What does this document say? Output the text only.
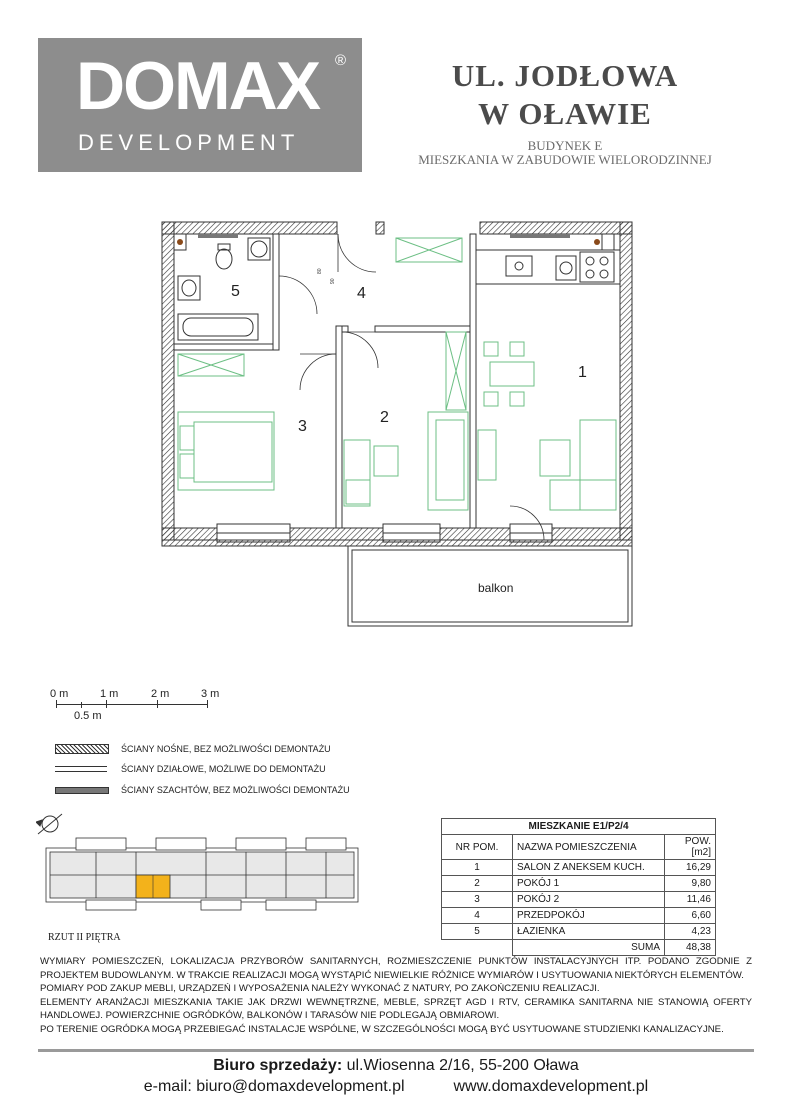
DOMAX ®
DEVELOPMENT
UL. JODŁOWA
W OŁAWIE
BUDYNEK E
MIESZKANIA W ZABUDOWIE WIELORODZINNEJ
1
2
3
4
5
balkon
90
80
0 m	1 m	2 m	3 m
0.5 m
ŚCIANY NOŚNE, BEZ MOŻLIWOŚCI DEMONTAŻU
ŚCIANY DZIAŁOWE, MOŻLIWE DO DEMONTAŻU
ŚCIANY SZACHTÓW, BEZ MOŻLIWOŚCI DEMONTAŻU
RZUT II PIĘTRA
MIESZKANIE E1/P2/4		
NR POM.	NAZWA POMIESZCZENIA	POW.[m2]
1	SALON Z ANEKSEM KUCH.	16,29
2	POKÓJ 1	9,80
3	POKÓJ 2	11,46
4	PRZEDPOKÓJ	6,60
5	ŁAZIENKA	4,23
	SUMA	48,38

WYMIARY POMIESZCZEŃ, LOKALIZACJA PRZYBORÓW SANITARNYCH, ROZMIESZCZENIE PUNKTÓW INSTALACYJNYCH ITP. PODANO ZGODNIE Z PROJEKTEM BUDOWLANYM. W TRAKCIE REALIZACJI MOGĄ WYSTĄPIĆ NIEWIELKIE RÓŻNICE WYMIARÓW I USYTUOWANIA NIEKTÓRYCH ELEMENTÓW.

POMIARY POD ZAKUP MEBLI, URZĄDZEŃ I WYPOSAŻENIA NALEŻY WYKONAĆ Z NATURY, PO ZAKOŃCZENIU REALIZACJI.

ELEMENTY ARANŻACJI MIESZKANIA TAKIE JAK DRZWI WEWNĘTRZNE, MEBLE, SPRZĘT AGD I RTV, CERAMIKA SANITARNA NIE STANOWIĄ OFERTY HANDLOWEJ. POWIERZCHNIE OGRÓDKÓW, BALKONÓW I TARASÓW NIE PODLEGAJĄ OBMIAROWI.

PO TERENIE OGRÓDKA MOGĄ PRZEBIEGAĆ INSTALACJE WSPÓLNE, W SZCZEGÓLNOŚCI MOGĄ BYĆ USYTUOWANE STUDZIENKI KANALIZACYJNE.

Biuro sprzedaży: ul.Wiosenna 2/16, 55-200 Oława
e-mail: biuro@domaxdevelopment.pl	www.domaxdevelopment.pl
